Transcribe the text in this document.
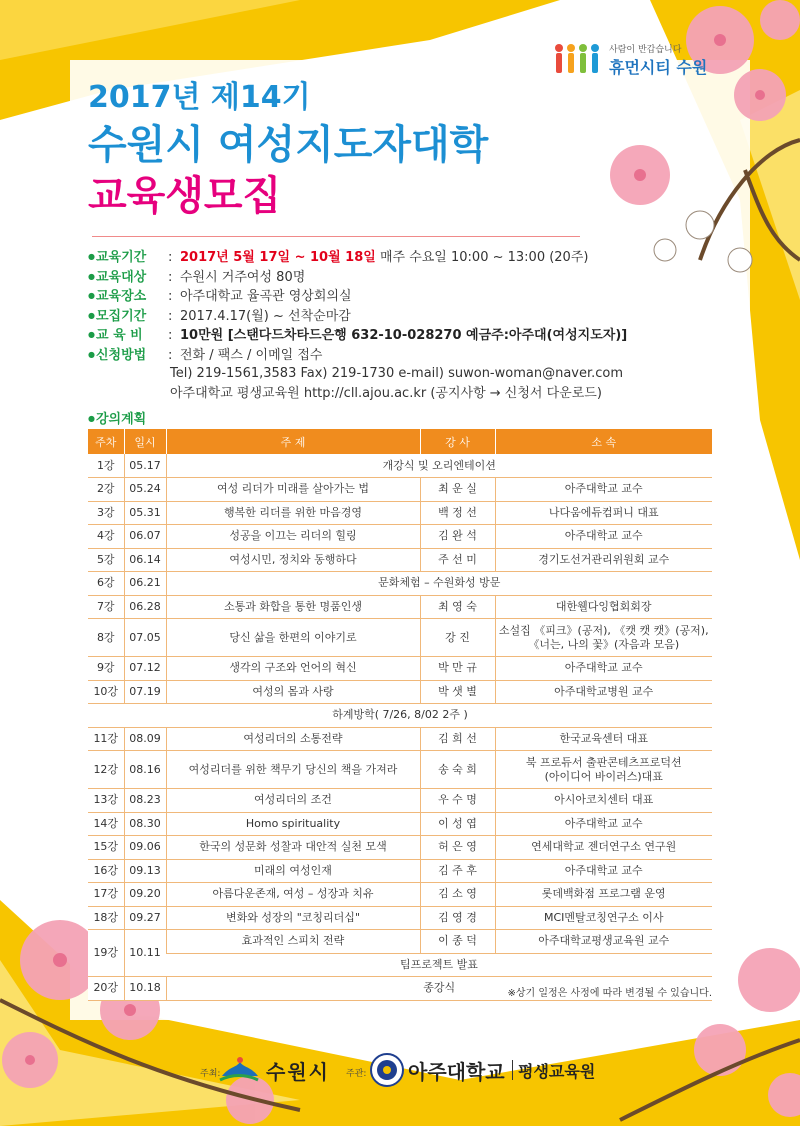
사람이 반갑습니다
휴먼시티 수원
2017년 제14기
수원시 여성지도자대학
교육생모집
● 교육기간 : 2017년 5월 17일 ~ 10월 18일 매주 수요일 10:00 ~ 13:00 (20주)
● 교육대상 : 수원시 거주여성 80명
● 교육장소 : 아주대학교 율곡관 영상회의실
● 모집기간 : 2017.4.17(월) ~ 선착순마감
● 교 육 비 : 10만원 [스탠다드차타드은행 632-10-028270 예금주:아주대(여성지도자)]
● 신청방법 : 전화 / 팩스 / 이메일 접수
Tel) 219-1561,3583 Fax) 219-1730 e-mail) suwon-woman@naver.com
아주대학교 평생교육원 http://cll.ajou.ac.kr (공지사항 → 신청서 다운로드)
● 강의계획
주차	일시	주 제	강 사	소 속
1강	05.17	개강식 및 오리엔테이션		
2강	05.24	여성 리더가 미래를 살아가는 법	최 운 실	아주대학교 교수
3강	05.31	행복한 리더를 위한 마음경영	백 정 선	나다움에듀컴퍼니 대표
4강	06.07	성공을 이끄는 리더의 힐링	김 완 석	아주대학교 교수
5강	06.14	여성시민, 정치와 동행하다	주 선 미	경기도선거관리위원회 교수
6강	06.21	문화체험 – 수원화성 방문		
7강	06.28	소통과 화합을 통한 명품인생	최 영 숙	대한웰다잉협회회장
8강	07.05	당신 삶을 한편의 이야기로	강 진	소설집 《피크》(공저), 《캣 캣 캣》(공저),
《너는, 나의 꽃》(자음과 모음)
9강	07.12	생각의 구조와 언어의 혁신	박 만 규	아주대학교 교수
10강	07.19	여성의 몸과 사랑	박 샛 별	아주대학교병원 교수
하계방학( 7/26, 8/02 2주 )				
11강	08.09	여성리더의 소통전략	김 희 선	한국교육센터 대표
12강	08.16	여성리더를 위한 책무기 당신의 책을 가져라	송 숙 희	북 프로듀서 출판콘테츠프로덕션
(아이디어 바이러스)대표
13강	08.23	여성리더의 조건	우 수 명	아시아코치센터 대표
14강	08.30	Homo spirituality	이 성 엽	아주대학교 교수
15강	09.06	한국의 성문화 성찰과 대안적 실천 모색	허 은 영	연세대학교 젠더연구소 연구원
16강	09.13	미래의 여성인재	김 주 후	아주대학교 교수
17강	09.20	아름다운존재, 여성 – 성장과 치유	김 소 영	롯데백화점 프로그램 운영
18강	09.27	변화와 성장의 "코칭리더십"	김 영 경	MCI멘탈코칭연구소 이사
19강	10.11	효과적인 스피치 전략	이 종 덕	아주대학교평생교육원 교수
		팀프로젝트 발표		
20강	10.18	종강식			※상기 일정은 사정에 따라 변경될 수 있습니다.
주최: 수원시 주관: 아주대학교 평생교육원
